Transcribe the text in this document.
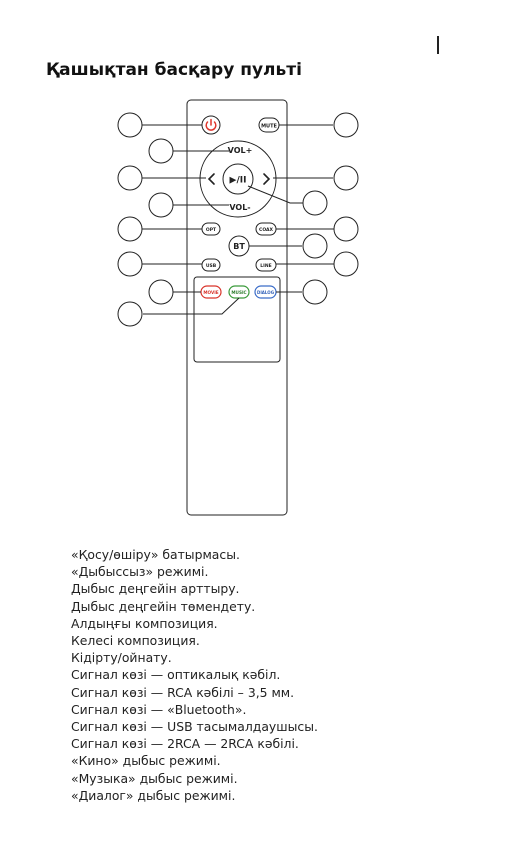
Қашықтан басқару пульті
MUTE
VOL+
VOL-
▶/II
OPT	COAX
BT
USB	LINE
MOVIE	MUSIC	DIALOG
«Қосу/өшіру» батырмасы.
«Дыбыссыз» режимі.
Дыбыс деңгейін арттыру.
Дыбыс деңгейін төмендету.
Алдыңғы композиция.
Келесі композиция.
Кідірту/ойнату.
Сигнал көзі — оптикалық кәбіл.
Сигнал көзі — RCA кәбілі – 3,5 мм.
Сигнал көзі — «Bluetooth».
Сигнал көзі — USB тасымалдаушысы.
Сигнал көзі — 2RCA — 2RCA кәбілі.
«Кино» дыбыс режимі.
«Музыка» дыбыс режимі.
«Диалог» дыбыс режимі.
